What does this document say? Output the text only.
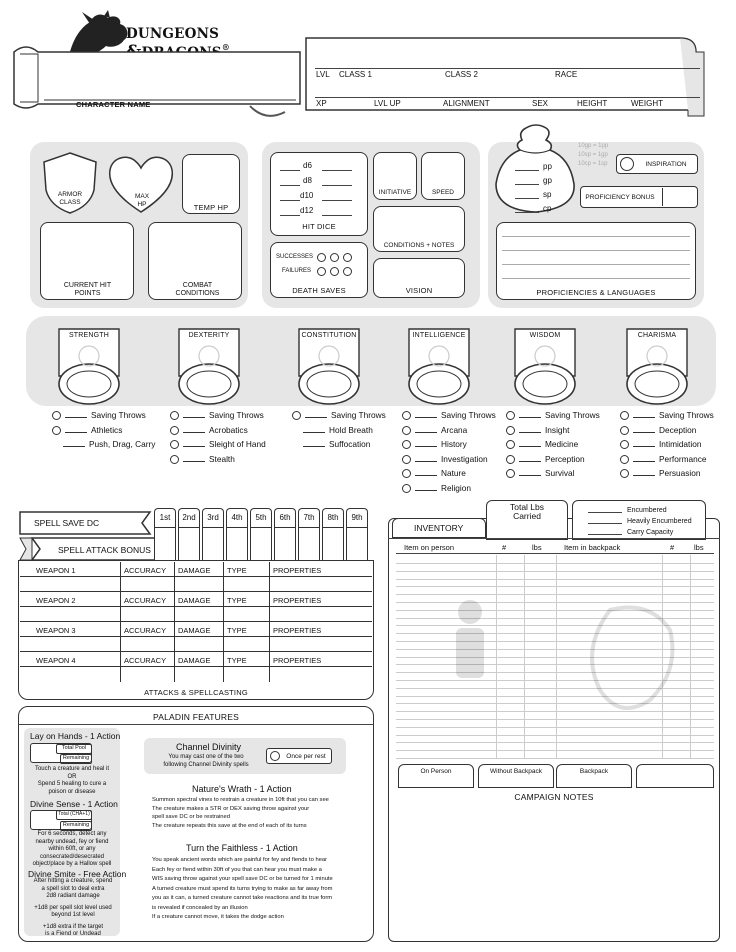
DUNGEONS ®
CHARACTER NAME
LVL CLASS 1	CLASS 2	RACE
XP	LVL UP	ALIGNMENT	SEX	HEIGHT	WEIGHT
ARMOR CLASS
MAX HP	TEMP HP
CURRENT HIT POINTS
COMBAT CONDITIONS
d6
d8
d10
d12
HIT DICE
INITIATIVE	SPEED
CONDITIONS + NOTES
SUCCESSES
FAILURES
DEATH SAVES	VISION
pp
gp
sp
cp
10gp = 1pp
10sp = 1gp
10cp = 1sp	INSPIRATION
PROFICIENCY BONUS
PROFICIENCIES & LANGUAGES
STRENGTH	DEXTERITY	CONSTITUTION	INTELLIGENCE	WISDOM	CHARISMA
SPELL SAVE DC
SPELL ATTACK BONUS
1st	2nd	3rd	4th	5th	6th	7th	8th	9th
WEAPON 1	ACCURACY DAMAGE TYPE	PROPERTIES
WEAPON 2	ACCURACY DAMAGE TYPE	PROPERTIES
WEAPON 3	ACCURACY DAMAGE TYPE	PROPERTIES
WEAPON 4	ACCURACY DAMAGE TYPE	PROPERTIES
ATTACKS & SPELLCASTING
PALADIN FEATURES
Lay on Hands - 1 Action
Total Pool
Remaining
Touch a creature and heal it
OR
Spend 5 healing to cure a
poison or disease
Divine Sense - 1 Action
Total (CHA+1)
Remaining
For 6 seconds, detect any
nearby undead, fey or fiend
within 60ft, or any
consecrated/desecrated
object/place by a Hallow spell
Divine Smite - Free Action
After hitting a creature, spend
a spell slot to deal extra
2d8 radiant damage
+1d8 per spell slot level used
beyond 1st level
+1d8 extra if the target
is a Fiend or Undead
Channel Divinity
You may cast one of the two
following Channel Divinity spells
Once per rest
Nature's Wrath - 1 Action
Summon spectral vines to restrain a creature in 10ft that you can see
The creature makes a STR or DEX saving throw against your
spell save DC or be restrained
The creature repeats this save at the end of each of its turns
Turn the Faithless - 1 Action
You speak ancient words which are painful for fey and fiends to hear
Each fey or fiend within 30ft of you that can hear you must make a
WIS saving throw against your spell save DC or be turned for 1 minute
A turned creature must spend its turns trying to make as far away from
you as it can, a turned creature cannot take reactions and its true form
is revealed if concealed by an illusion
If a creature cannot move, it takes the dodge action
INVENTORY
Total Lbs Carried
Encumbered
Heavily Encumbered
Carry Capacity
Item on person	#	lbs	Item in backpack	#	lbs
On Person	Without Backpack	Backpack
CAMPAIGN NOTES
Saving Throws
Athletics
Push, Drag, Carry
Saving Throws
Acrobatics
Sleight of Hand
Stealth
Saving Throws
Hold Breath
Suffocation
Saving Throws
Arcana
History
Investigation
Nature
Religion
Saving Throws
Insight
Medicine
Perception
Survival
Saving Throws
Deception
Intimidation
Performance
Persuasion
